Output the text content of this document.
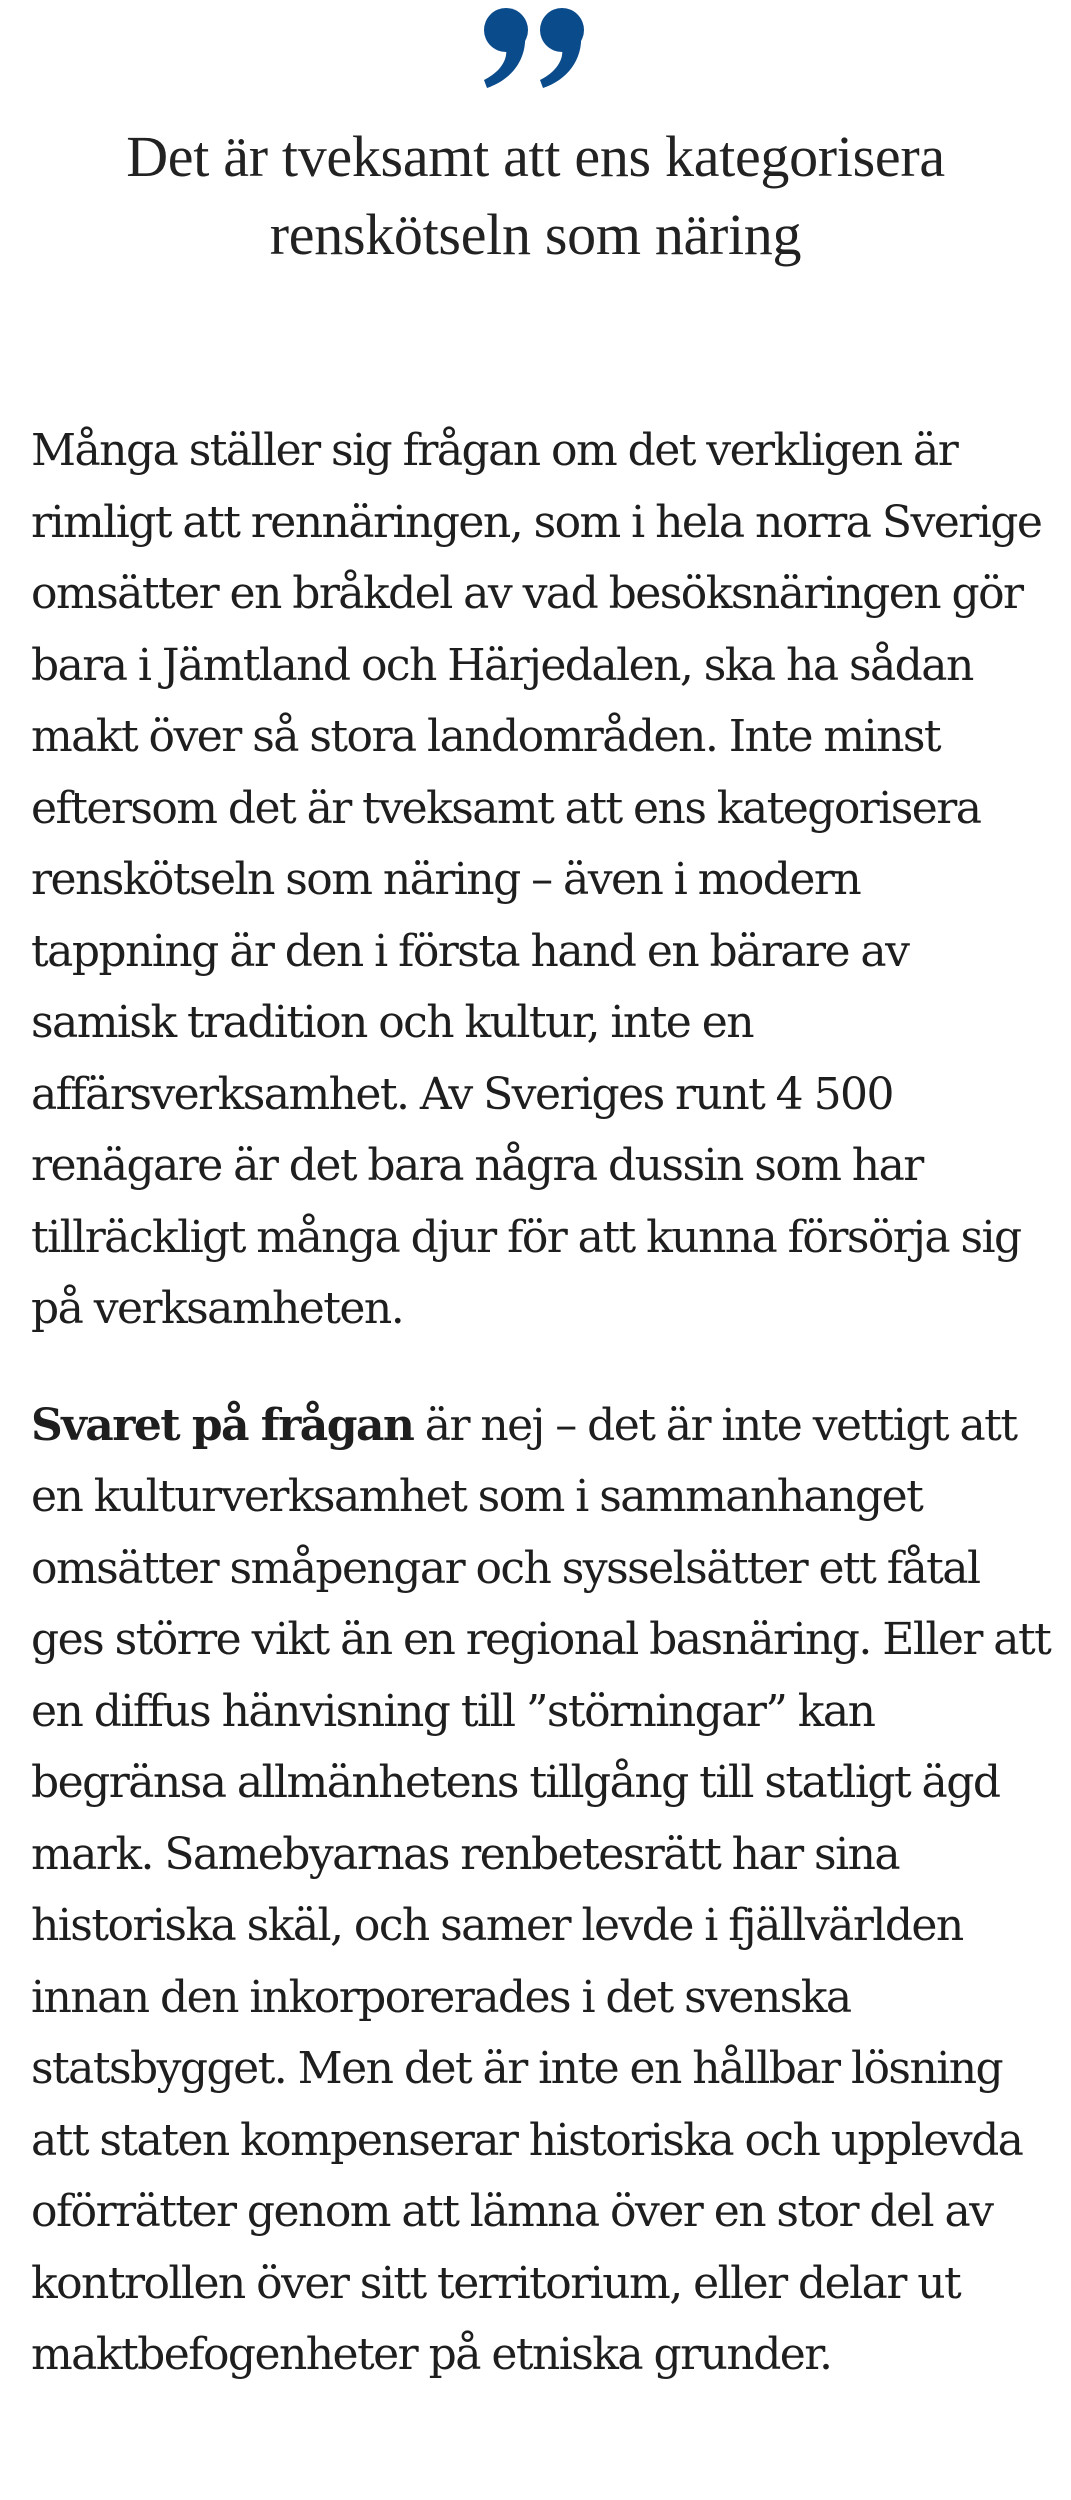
Det är tveksamt att ens kategorisera renskötseln som näring

Många ställer sig frågan om det verkligen är rimligt att rennäringen, som i hela norra Sverige omsätter en bråkdel av vad besöksnäringen gör bara i Jämtland och Härjedalen, ska ha sådan makt över så stora landområden. Inte minst eftersom det är tveksamt att ens kategorisera renskötseln som näring – även i modern tappning är den i första hand en bärare av samisk tradition och kultur, inte en affärsverksamhet. Av Sveriges runt 4 500 renägare är det bara några dussin som har tillräckligt många djur för att kunna försörja sig på verksamheten.

Svaret på frågan är nej – det är inte vettigt att en kulturverksamhet som i sammanhanget omsätter småpengar och sysselsätter ett fåtal ges större vikt än en regional basnäring. Eller att en diffus hänvisning till ”störningar” kan begränsa allmänhetens tillgång till statligt ägd mark. Samebyarnas renbetesrätt har sina historiska skäl, och samer levde i fjällvärlden innan den inkorporerades i det svenska statsbygget. Men det är inte en hållbar lösning att staten kompenserar historiska och upplevda oförrätter genom att lämna över en stor del av kontrollen över sitt territorium, eller delar ut maktbefogenheter på etniska grunder.
